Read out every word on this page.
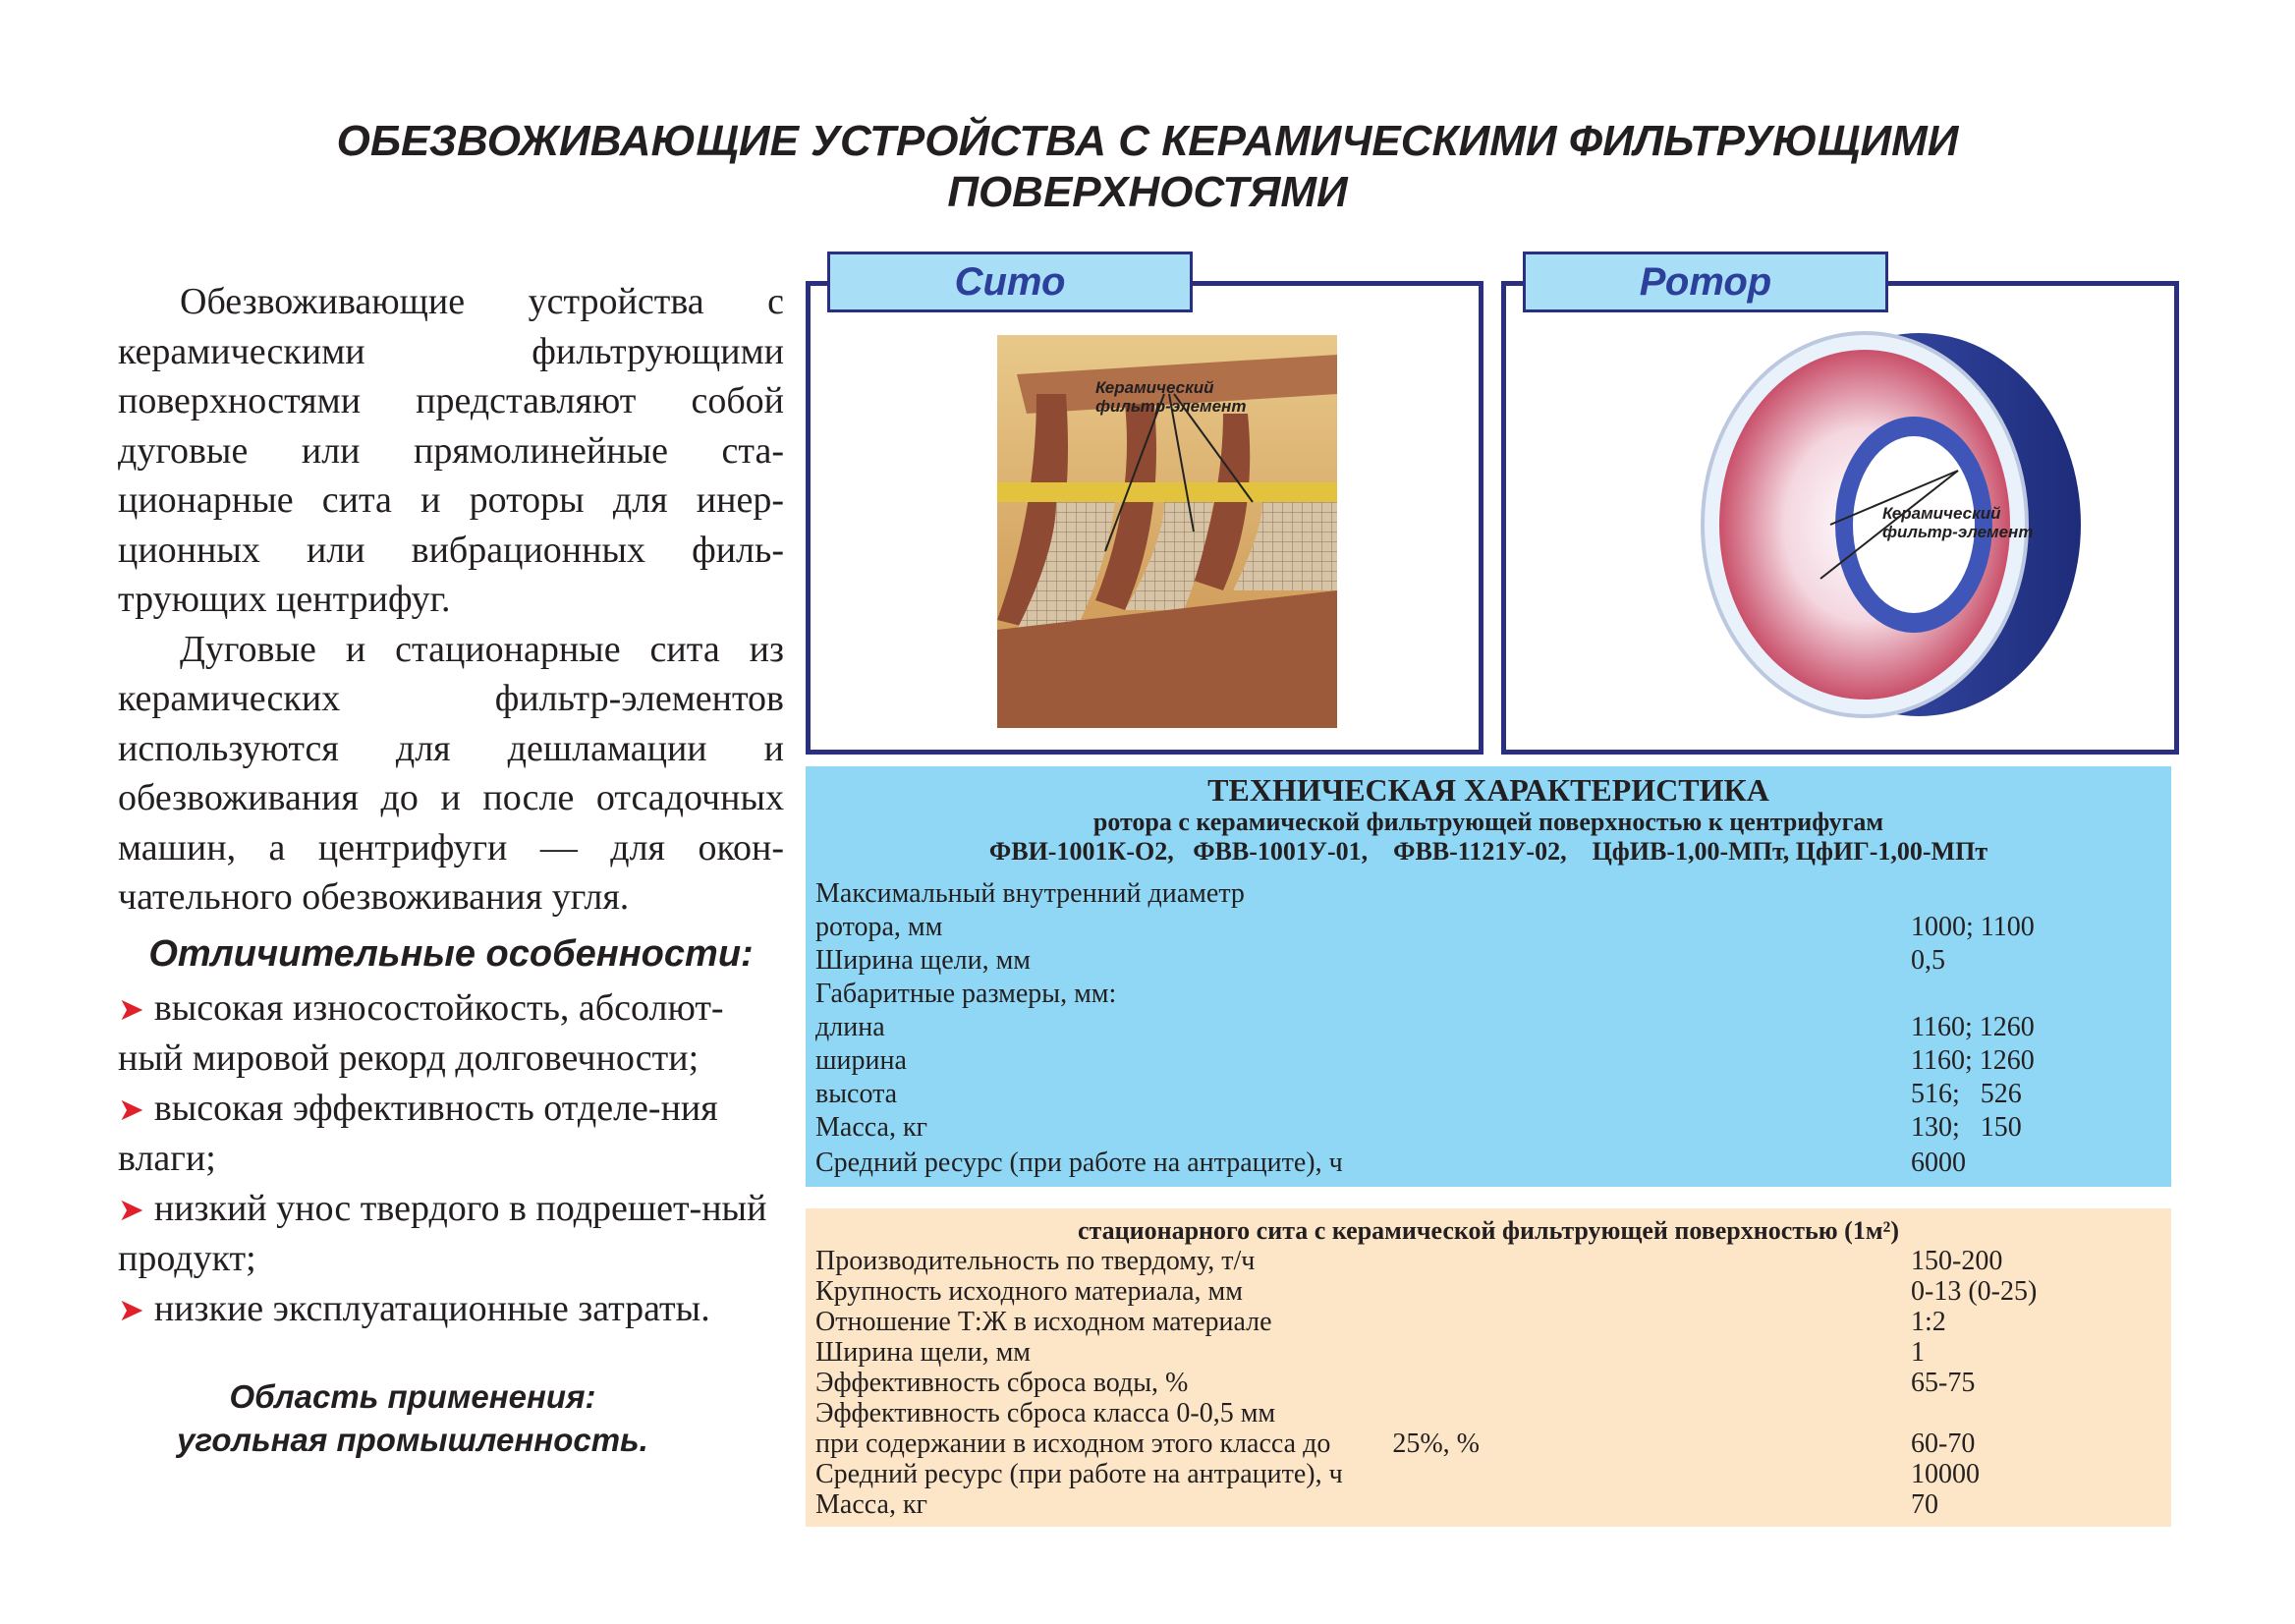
ОБЕЗВОЖИВАЮЩИЕ УСТРОЙСТВА С КЕРАМИЧЕСКИМИ ФИЛЬТРУЮЩИМИ
ПОВЕРХНОСТЯМИ

Обезвоживающие устройства с керамическими фильтрующими поверхностями представляют собой дуговые или прямолинейные ста-ционарные сита и роторы для инер-ционных или вибрационных филь-трующих центрифуг.

Дуговые и стационарные сита из керамических фильтр-элементов используются для дешламации и обезвоживания до и после отсадочных машин, а центрифуги — для окон-чательного обезвоживания угля.

Отличительные особенности:
➤ высокая износостойкость, абсолют-ный мировой рекорд долговечности;
➤ высокая эффективность отделе-ния влаги;
➤ низкий унос твердого в подрешет-ный продукт;
➤ низкие эксплуатационные затраты.
Область применения:
угольная промышленность.
Керамический
фильтр-элемент
Сито
Керамический
фильтр-элемент
Ротор
ТЕХНИЧЕСКАЯ ХАРАКТЕРИСТИКА
ротора с керамической фильтрующей поверхностью к центрифугам
ФВИ-1001К-О2,   ФВВ-1001У-01,    ФВВ-1121У-02,    ЦфИВ-1,00-МПт, ЦфИГ-1,00-МПт
Максимальный внутренний диаметр
ротора, мм	1000; 1100
Ширина щели, мм	0,5
Габаритные размеры, мм:
длина	1160; 1260
ширина	1160; 1260
высота	516;   526
Масса, кг	130;   150
Средний ресурс (при работе на антраците), ч	6000
стационарного сита с керамической фильтрующей поверхностью (1м²)
Производительность по твердому, т/ч	150-200
Крупность исходного материала, мм	0-13 (0-25)
Отношение Т:Ж в исходном материале	1:2
Ширина щели, мм	1
Эффективность сброса воды, %	65-75
Эффективность сброса класса 0-0,5 мм
при содержании в исходном этого класса до         25%, %	60-70
Средний ресурс (при работе на антраците), ч	10000
Масса, кг	70
